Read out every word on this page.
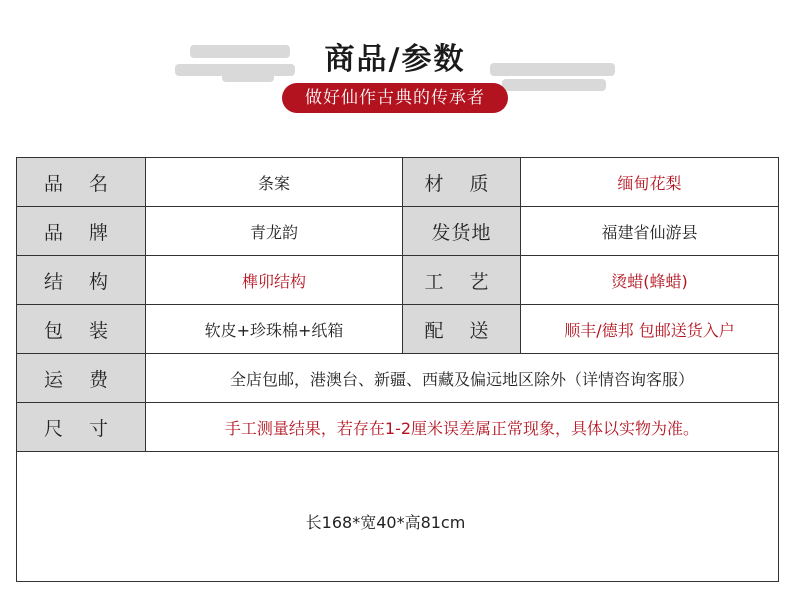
商品/参数
做好仙作古典的传承者
品 名	条案	材 质	缅甸花梨
品 牌	青龙韵	发货地	福建省仙游县
结 构	榫卯结构	工 艺	烫蜡(蜂蜡)
包 装	软皮+珍珠棉+纸箱	配 送	顺丰/德邦 包邮送货入户
运 费	全店包邮，港澳台、新疆、西藏及偏远地区除外（详情咨询客服）		
尺 寸	手工测量结果，若存在1-2厘米误差属正常现象，具体以实物为准。		
长168*宽40*高81cm			
